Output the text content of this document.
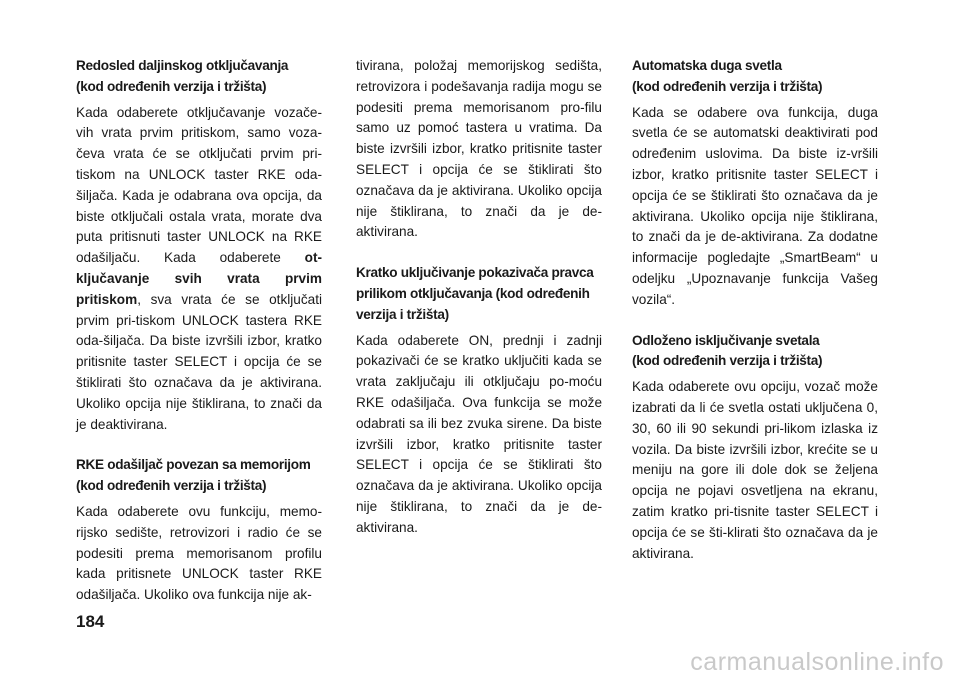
Redosled daljinskog otključavanja
(kod određenih verzija i tržišta)
Kada odaberete otključavanje vozače-vih vrata prvim pritiskom, samo voza-čeva vrata će se otključati prvim pri-tiskom na UNLOCK taster RKE oda-šiljača. Kada je odabrana ova opcija, da biste otključali ostala vrata, morate dva puta pritisnuti taster UNLOCK na RKE odašiljaču. Kada odaberete ot-ključavanje svih vrata prvim pritiskom, sva vrata će se otključati prvim pri-tiskom UNLOCK tastera RKE oda-šiljača. Da biste izvršili izbor, kratko pritisnite taster SELECT i opcija će se štiklirati što označava da je aktivirana. Ukoliko opcija nije štiklirana, to znači da je deaktivirana.
RKE odašiljač povezan sa memorijom
(kod određenih verzija i tržišta)
Kada odaberete ovu funkciju, memo-rijsko sedište, retrovizori i radio će se podesiti prema memorisanom profilu kada pritisnete UNLOCK taster RKE odašiljača. Ukoliko ova funkcija nije ak-
tivirana, položaj memorijskog sedišta, retrovizora i podešavanja radija mogu se podesiti prema memorisanom pro-filu samo uz pomoć tastera u vratima. Da biste izvršili izbor, kratko pritisnite taster SELECT i opcija će se štiklirati što označava da je aktivirana. Ukoliko opcija nije štiklirana, to znači da je de-aktivirana.
Kratko uključivanje pokazivača pravca prilikom otključavanja (kod određenih verzija i tržišta)
Kada odaberete ON, prednji i zadnji pokazivači će se kratko uključiti kada se vrata zaključaju ili otključaju po-moću RKE odašiljača. Ova funkcija se može odabrati sa ili bez zvuka sirene. Da biste izvršili izbor, kratko pritisnite taster SELECT i opcija će se štiklirati što označava da je aktivirana. Ukoliko opcija nije štiklirana, to znači da je de-aktivirana.
Automatska duga svetla
(kod određenih verzija i tržišta)
Kada se odabere ova funkcija, duga svetla će se automatski deaktivirati pod određenim uslovima. Da biste iz-vršili izbor, kratko pritisnite taster SELECT i opcija će se štiklirati što označava da je aktivirana. Ukoliko opcija nije štiklirana, to znači da je de-aktivirana. Za dodatne informacije pogledajte „SmartBeam“ u odeljku „Upoznavanje funkcija Vašeg vozila“.
Odloženo isključivanje svetala
(kod određenih verzija i tržišta)
Kada odaberete ovu opciju, vozač može izabrati da li će svetla ostati uključena 0, 30, 60 ili 90 sekundi pri-likom izlaska iz vozila. Da biste izvršili izbor, krećite se u meniju na gore ili dole dok se željena opcija ne pojavi osvetljena na ekranu, zatim kratko pri-tisnite taster SELECT i opcija će se šti-klirati što označava da je aktivirana.
184
carmanualsonline.info
